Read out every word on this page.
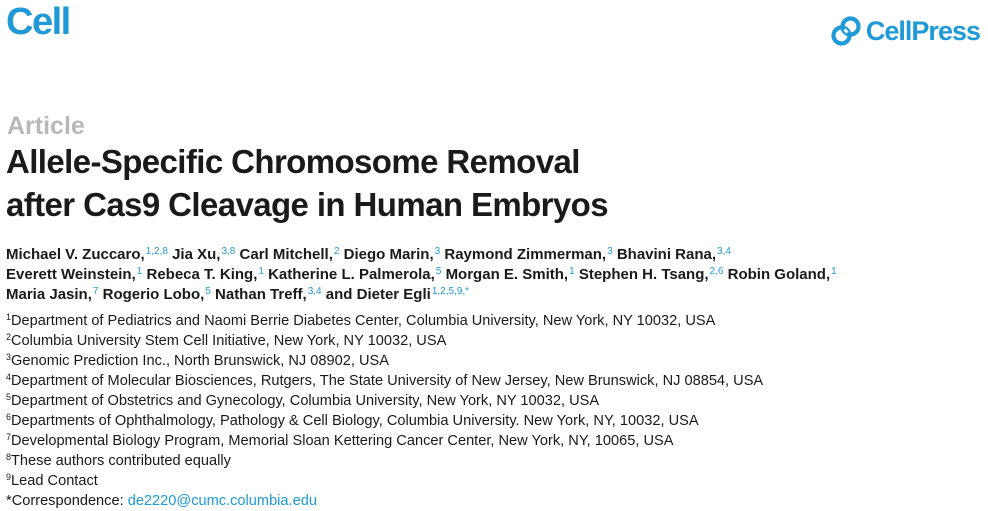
Cell	CellPress
Article
Allele-Specific Chromosome Removal
after Cas9 Cleavage in Human Embryos
Michael V. Zuccaro,$^{1,2,8}$ Jia Xu,$^{3,8}$ Carl Mitchell,$^2$ Diego Marin,$^3$ Raymond Zimmerman,$^3$ Bhavini Rana,$^{3,4}$
Everett Weinstein,$^1$ Rebeca T. King,$^1$ Katherine L. Palmerola,$^5$ Morgan E. Smith,$^1$ Stephen H. Tsang,$^{2,6}$ Robin Goland,$^1$
Maria Jasin,$^7$ Rogerio Lobo,$^5$ Nathan Treff,$^{3,4}$ and Dieter Egli$^{1,2,5,9,*}$
$^1$Department of Pediatrics and Naomi Berrie Diabetes Center, Columbia University, New York, NY 10032, USA
$^2$Columbia University Stem Cell Initiative, New York, NY 10032, USA
$^3$Genomic Prediction Inc., North Brunswick, NJ 08902, USA
$^4$Department of Molecular Biosciences, Rutgers, The State University of New Jersey, New Brunswick, NJ 08854, USA
$^5$Department of Obstetrics and Gynecology, Columbia University, New York, NY 10032, USA
$^6$Departments of Ophthalmology, Pathology & Cell Biology, Columbia University. New York, NY, 10032, USA
$^7$Developmental Biology Program, Memorial Sloan Kettering Cancer Center, New York, NY, 10065, USA
$^8$These authors contributed equally
$^9$Lead Contact
*Correspondence: de2220@cumc.columbia.edu
